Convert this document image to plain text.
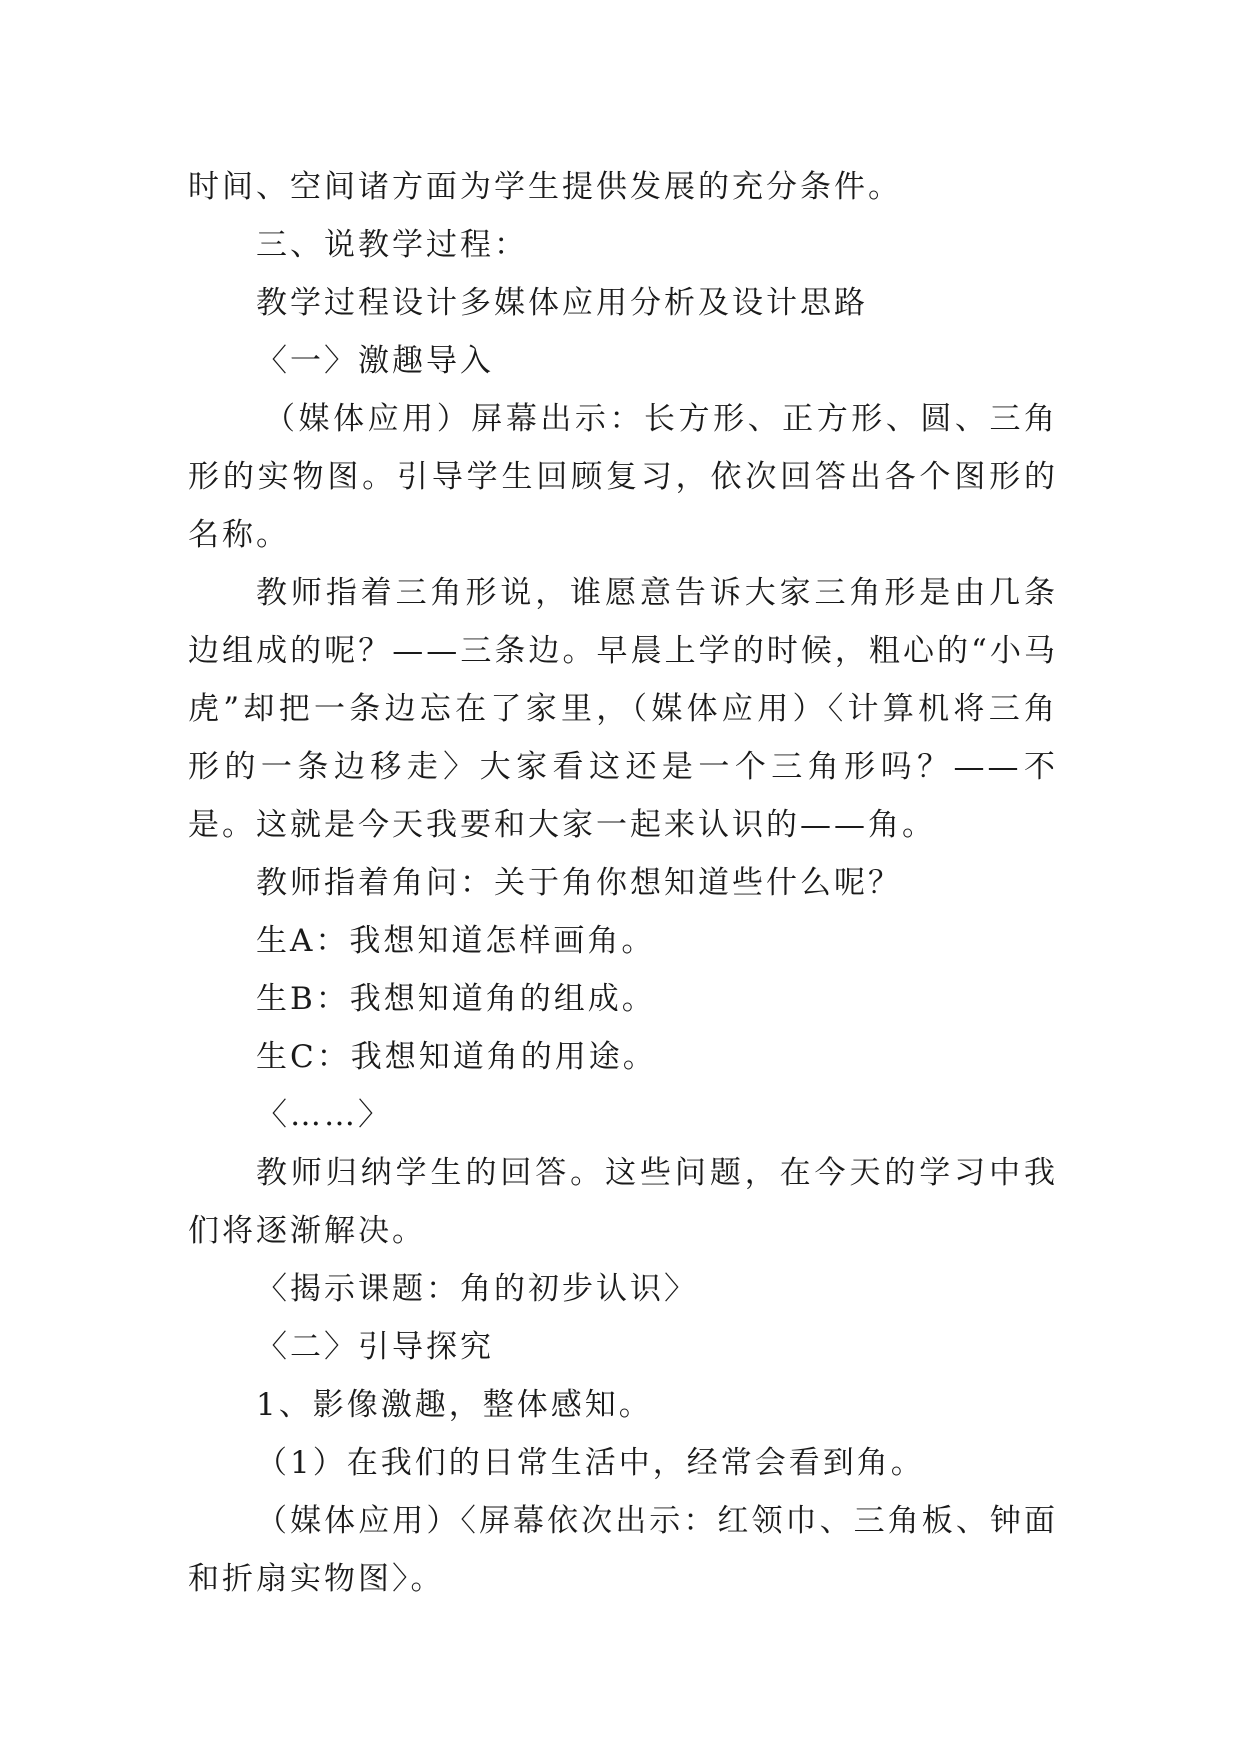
时间、空间诸方面为学生提供发展的充分条件。

三、说教学过程：

教学过程设计多媒体应用分析及设计思路

〈一〉激趣导入

（媒体应用）屏幕出示：长方形、正方形、圆、三角形的实物图。引导学生回顾复习，依次回答出各个图形的名称。

教师指着三角形说，谁愿意告诉大家三角形是由几条边组成的呢？——三条边。早晨上学的时候，粗心的“小马虎”却把一条边忘在了家里，（媒体应用）〈计算机将三角形的一条边移走〉大家看这还是一个三角形吗？——不是。这就是今天我要和大家一起来认识的——角。

教师指着角问：关于角你想知道些什么呢？

生A：我想知道怎样画角。

生B：我想知道角的组成。

生C：我想知道角的用途。

〈……〉

教师归纳学生的回答。这些问题，在今天的学习中我们将逐渐解决。

〈揭示课题：角的初步认识〉

〈二〉引导探究

1、影像激趣，整体感知。

（1）在我们的日常生活中，经常会看到角。

（媒体应用）〈屏幕依次出示：红领巾、三角板、钟面和折扇实物图〉。
